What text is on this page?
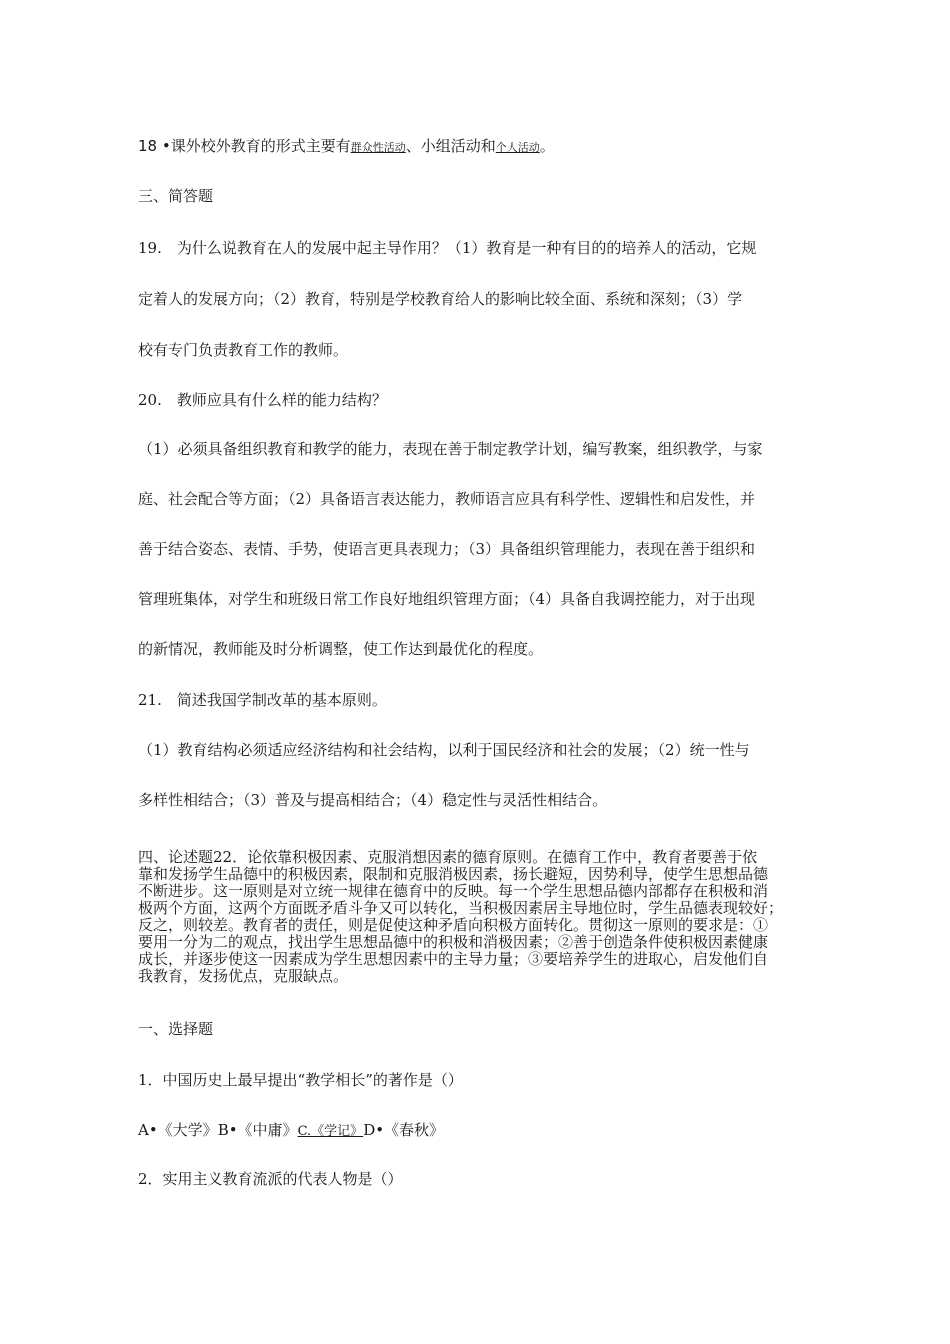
18 •课外校外教育的形式主要有群众性活动、小组活动和个人活动。
三、简答题
19.　为什么说教育在人的发展中起主导作用？（1）教育是一种有目的的培养人的活动，它规
定着人的发展方向；（2）教育，特别是学校教育给人的影响比较全面、系统和深刻；（3）学
校有专门负责教育工作的教师。
20.　教师应具有什么样的能力结构？
（1）必须具备组织教育和教学的能力，表现在善于制定教学计划，编写教案，组织教学，与家
庭、社会配合等方面；（2）具备语言表达能力，教师语言应具有科学性、逻辑性和启发性，并
善于结合姿态、表情、手势，使语言更具表现力；（3）具备组织管理能力，表现在善于组织和
管理班集体，对学生和班级日常工作良好地组织管理方面；（4）具备自我调控能力，对于出现
的新情况，教师能及时分析调整，使工作达到最优化的程度。
21.　简述我国学制改革的基本原则。
（1）教育结构必须适应经济结构和社会结构，以利于国民经济和社会的发展；（2）统一性与
多样性相结合；（3）普及与提高相结合；（4）稳定性与灵活性相结合。
四、论述题22．论依靠积极因素、克服消想因素的德育原则。在德育工作中，教育者要善于依
靠和发扬学生品德中的积极因素，限制和克服消极因素，扬长避短，因势利导，使学生思想品德
不断进步。这一原则是对立统一规律在德育中的反映。每一个学生思想品德内部都存在积极和消
极两个方面，这两个方面既矛盾斗争又可以转化，当积极因素居主导地位时，学生品德表现较好；
反之，则较差。教育者的责任，则是促使这种矛盾向积极方面转化。贯彻这一原则的要求是：①
要用一分为二的观点，找出学生思想品德中的积极和消极因素；②善于创造条件使积极因素健康
成长，并逐步使这一因素成为学生思想因素中的主导力量；③要培养学生的进取心，启发他们自
我教育，发扬优点，克服缺点。
一、选择题
1．中国历史上最早提出“教学相长”的著作是（）
A•《大学》B•《中庸》C.《学记》D•《春秋》
2．实用主义教育流派的代表人物是（）
